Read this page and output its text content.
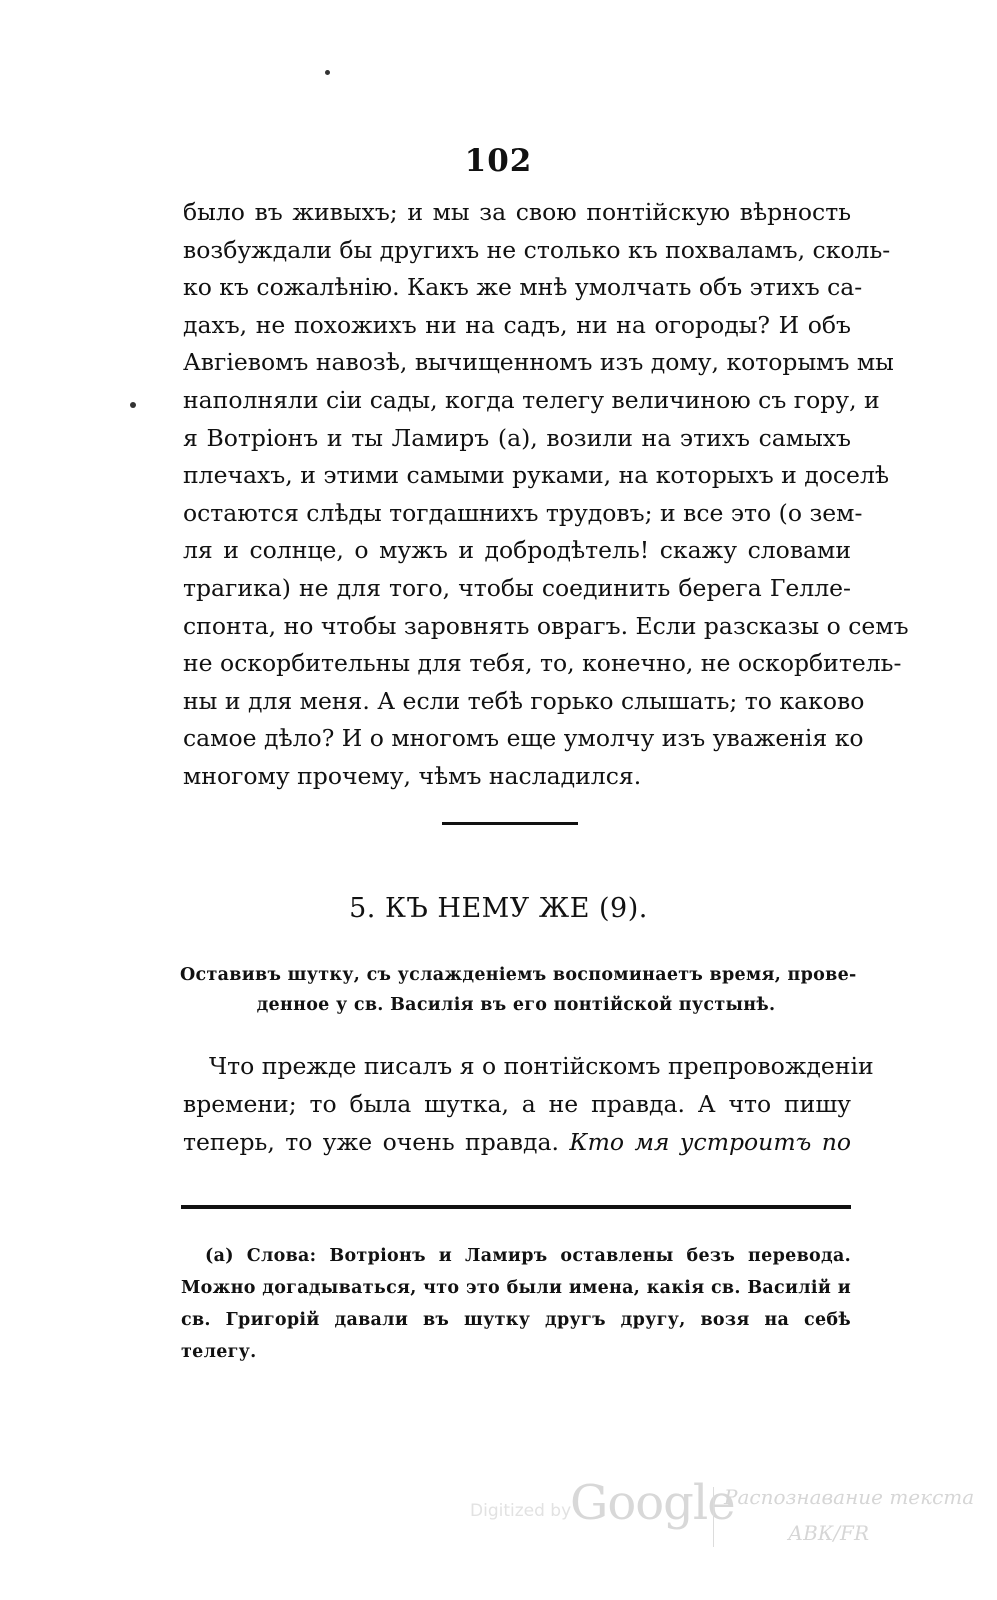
102
было въ живыхъ; и мы за свою понтійскую вѣрность
возбуждали бы другихъ не столько къ похваламъ, сколь-
ко къ сожалѣнію. Какъ же мнѣ умолчать объ этихъ са-
дахъ, не похожихъ ни на садъ, ни на огороды? И объ
Авгіевомъ навозѣ, вычищенномъ изъ дому, которымъ мы
наполняли сіи сады, когда телегу величиною съ гору, и
я Вотріонъ и ты Ламиръ (а), возили на этихъ самыхъ
плечахъ, и этими самыми руками, на которыхъ и доселѣ
остаются слѣды тогдашнихъ трудовъ; и все это (о зем-
ля и солнце, о мужъ и добродѣтель! скажу словами
трагика) не для того, чтобы соединить берега Гелле-
спонта, но чтобы заровнять оврагъ. Если разсказы о семъ
не оскорбительны для тебя, то, конечно, не оскорбитель-
ны и для меня. А если тебѣ горько слышать; то каково
самое дѣло? И о многомъ еще умолчу изъ уваженія ко
многому прочему, чѣмъ насладился.
5. КЪ НЕМУ ЖЕ (9).
Оставивъ шутку, съ услажденіемъ воспоминаетъ время, прове-
денное у св. Василія въ его понтійской пустынѣ.
Что прежде писалъ я о понтійскомъ препровожденіи
времени; то была шутка, а не правда. А что пишу
теперь, то уже очень правда. Кто мя устроитъ по
(а) Слова: Вотріонъ и Ламиръ оставлены безъ перевода.
Можно догадываться, что это были имена, какія св. Василій и
св. Григорій давали въ шутку другъ другу, возя на себѣ
телегу.
Digitized by
Google
Распознавание текста
АВК/FR
